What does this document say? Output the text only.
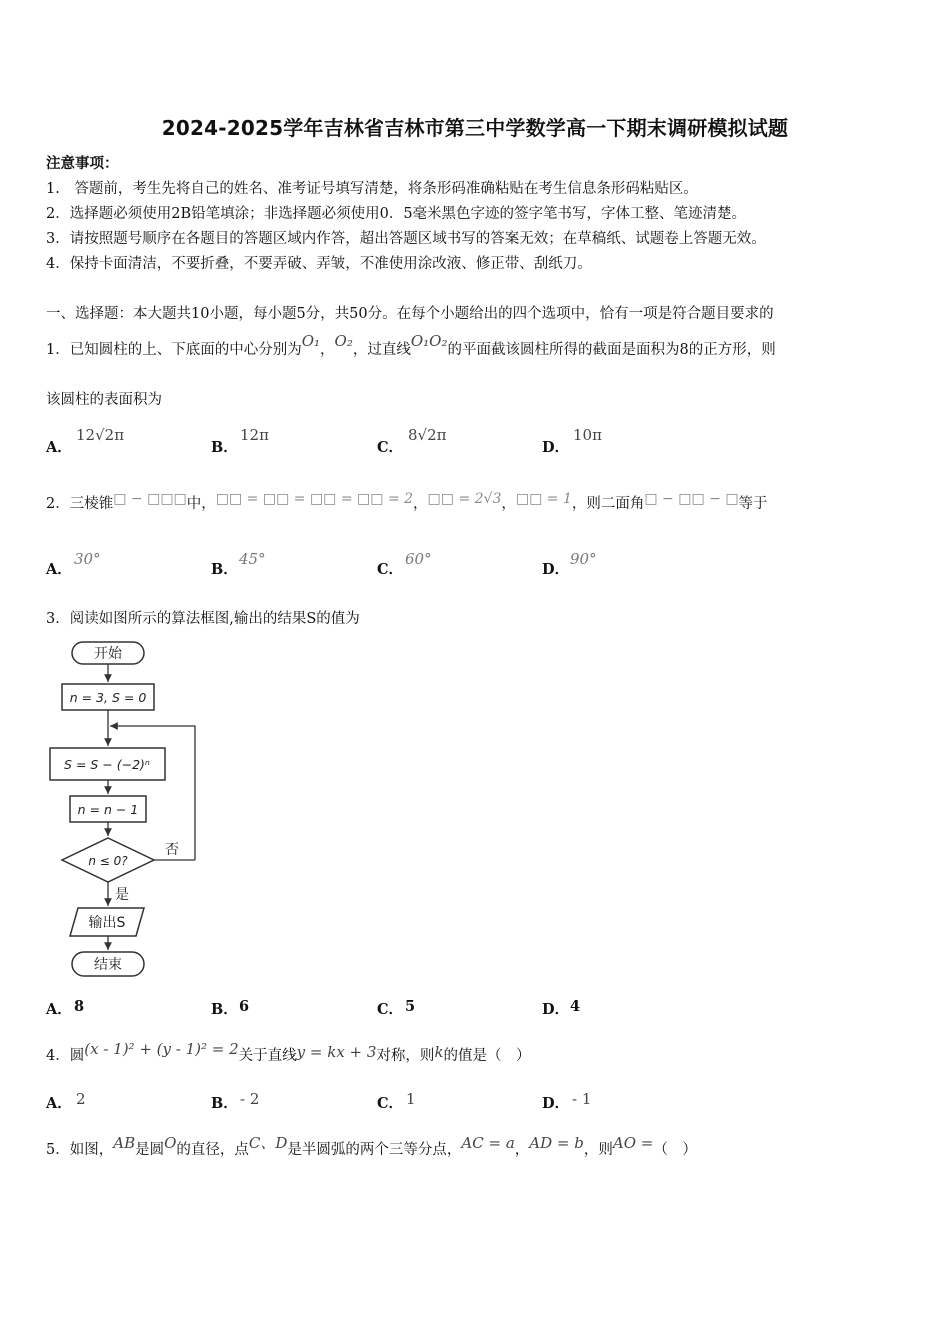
2024-2025学年吉林省吉林市第三中学数学高一下期末调研模拟试题
注意事项：
1.　答题前，考生先将自己的姓名、准考证号填写清楚，将条形码准确粘贴在考生信息条形码粘贴区。
2．选择题必须使用2B铅笔填涂；非选择题必须使用0．5毫米黑色字迹的签字笔书写，字体工整、笔迹清楚。
3．请按照题号顺序在各题目的答题区域内作答，超出答题区域书写的答案无效；在草稿纸、试题卷上答题无效。
4．保持卡面清洁，不要折叠，不要弄破、弄皱，不准使用涂改液、修正带、刮纸刀。
一、选择题：本大题共10小题，每小题5分，共50分。在每个小题给出的四个选项中，恰有一项是符合题目要求的
1．已知圆柱的上、下底面的中心分别为O₁，O₂，过直线O₁O₂的平面截该圆柱所得的截面是面积为8的正方形，则
该圆柱的表面积为
A．
12√2π
B．
12π
C．
8√2π
D．
10π
2．三棱锥□ − □□□中，□□ = □□ = □□ = □□ = 2，□□ = 2√3，□□ = 1，则二面角□ − □□ − □等于
A．
30°
B．
45°
C．
60°
D．
90°
3．阅读如图所示的算法框图,输出的结果S的值为
开始
n = 3, S = 0
S = S − (−2)ⁿ
n = n − 1
n ≤ 0?
否
是
输出S
结束
A． 8	B． 6	C． 5	D． 4
4．圆(x - 1)² + (y - 1)² = 2关于直线y = kx + 3对称，则k的值是（　）
A． 2	B． - 2	C． 1	D． - 1
5．如图，AB是圆O的直径，点C、D是半圆弧的两个三等分点，AC = a，AD = b，则AO =（　）
